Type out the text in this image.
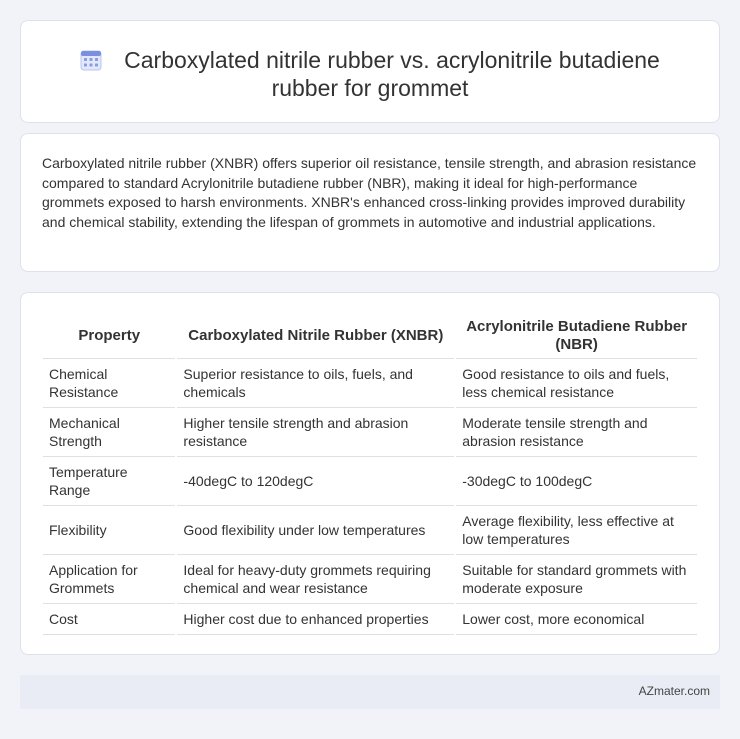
Carboxylated nitrile rubber vs. acrylonitrile butadiene
rubber for grommet

Carboxylated nitrile rubber (XNBR) offers superior oil resistance, tensile strength, and abrasion resistance compared to standard Acrylonitrile butadiene rubber (NBR), making it ideal for high-performance grommets exposed to harsh environments. XNBR's enhanced cross-linking provides improved durability and chemical stability, extending the lifespan of grommets in automotive and industrial applications.

Property	Carboxylated Nitrile Rubber (XNBR)	Acrylonitrile Butadiene Rubber (NBR)
Chemical Resistance	Superior resistance to oils, fuels, and chemicals	Good resistance to oils and fuels, less chemical resistance
Mechanical Strength	Higher tensile strength and abrasion resistance	Moderate tensile strength and abrasion resistance
Temperature Range	-40degC to 120degC	-30degC to 100degC
Flexibility	Good flexibility under low temperatures	Average flexibility, less effective at low temperatures
Application for Grommets	Ideal for heavy-duty grommets requiring chemical and wear resistance	Suitable for standard grommets with moderate exposure
Cost	Higher cost due to enhanced properties	Lower cost, more economical
AZmater.com
